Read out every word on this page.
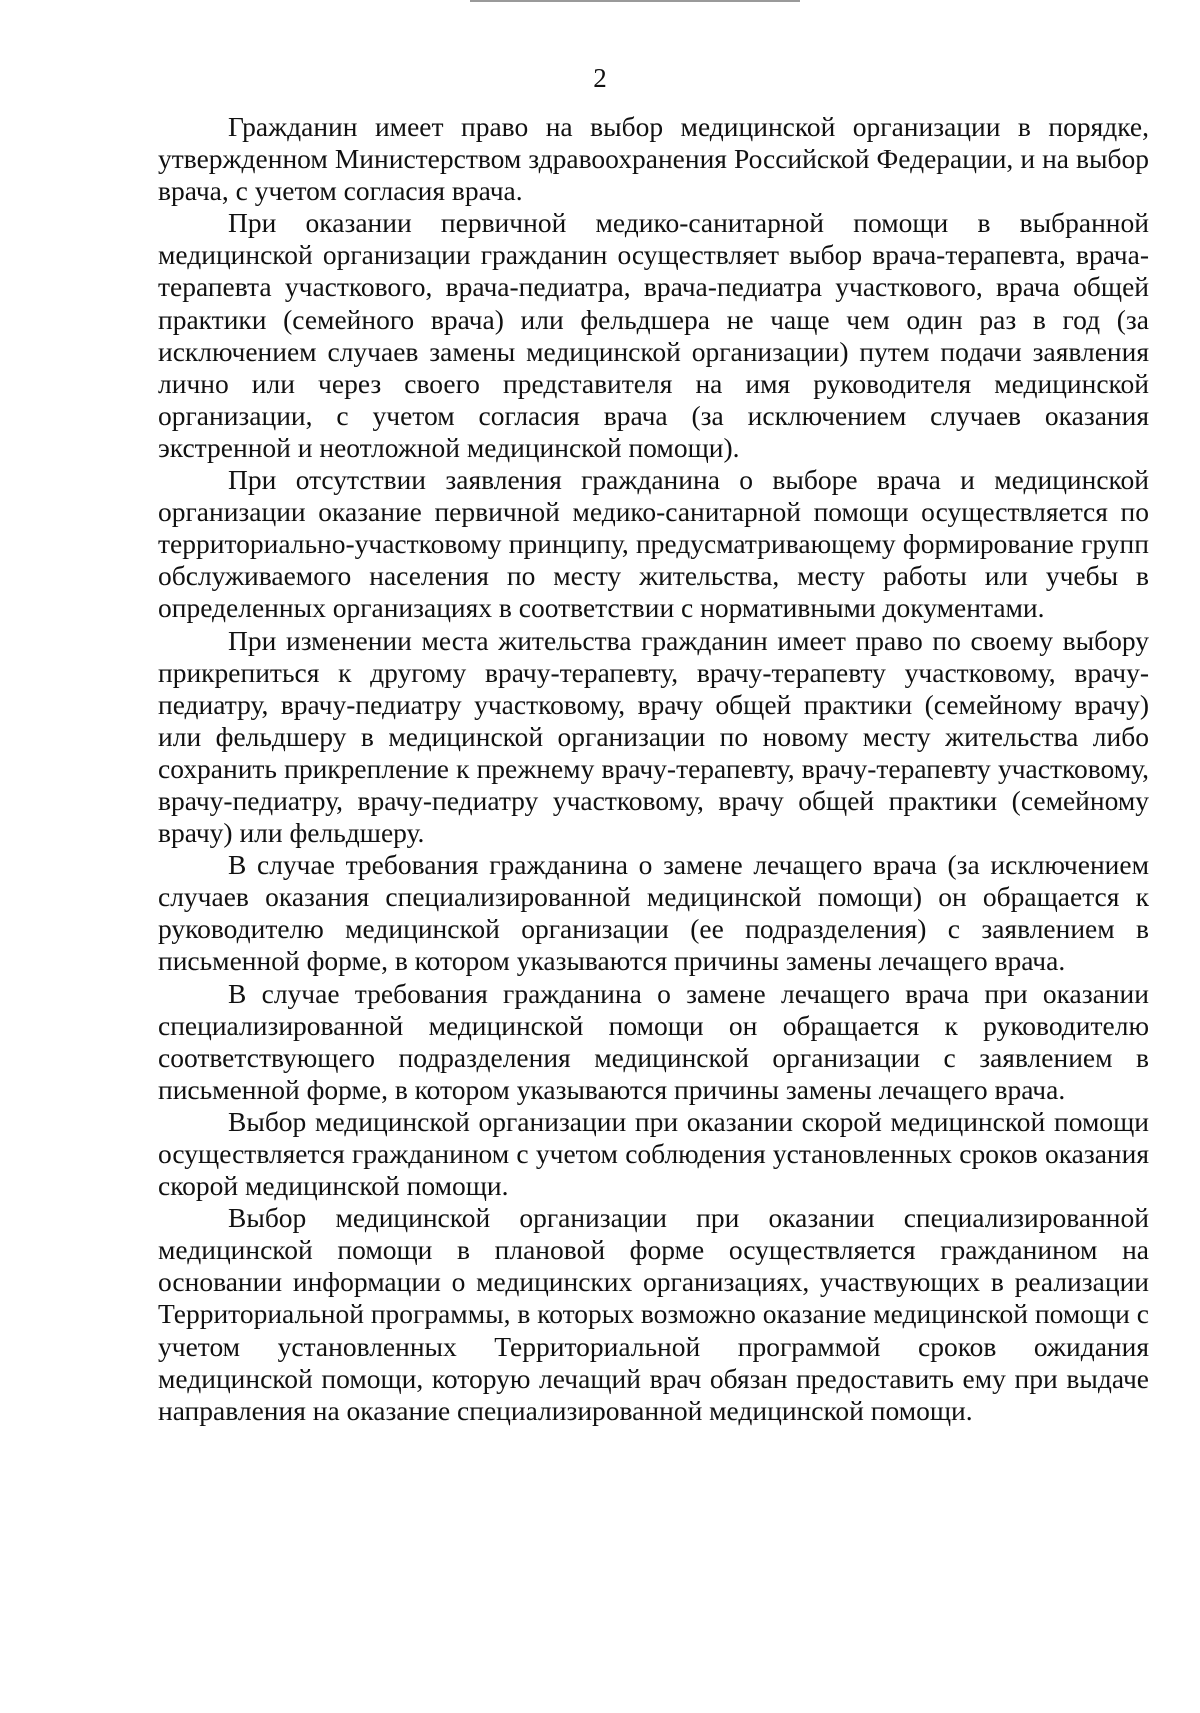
2

Гражданин имеет право на выбор медицинской организации в порядке, утвержденном Министерством здравоохранения Российской Федерации, и на выбор врача, с учетом согласия врача.

При оказании первичной медико-санитарной помощи в выбранной медицинской организации гражданин осуществляет выбор врача-терапевта, врача-терапевта участкового, врача-педиатра, врача-педиатра участкового, врача общей практики (семейного врача) или фельдшера не чаще чем один раз в год (за исключением случаев замены медицинской организации) путем подачи заявления лично или через своего представителя на имя руководителя медицинской организации, с учетом согласия врача (за исключением случаев оказания экстренной и неотложной медицинской помощи).

При отсутствии заявления гражданина о выборе врача и медицинской организации оказание первичной медико-санитарной помощи осуществляется по территориально-участковому принципу, предусматривающему формирование групп обслуживаемого населения по месту жительства, месту работы или учебы в определенных организациях в соответствии с нормативными документами.

При изменении места жительства гражданин имеет право по своему выбору прикрепиться к другому врачу-терапевту, врачу-терапевту участковому, врачу-педиатру, врачу-педиатру участковому, врачу общей практики (семейному врачу) или фельдшеру в медицинской организации по новому месту жительства либо сохранить прикрепление к прежнему врачу-терапевту, врачу-терапевту участковому, врачу-педиатру, врачу-педиатру участковому, врачу общей практики (семейному врачу) или фельдшеру.

В случае требования гражданина о замене лечащего врача (за исключением случаев оказания специализированной медицинской помощи) он обращается к руководителю медицинской организации (ее подразделения) с заявлением в письменной форме, в котором указываются причины замены лечащего врача.

В случае требования гражданина о замене лечащего врача при оказании специализированной медицинской помощи он обращается к руководителю соответствующего подразделения медицинской организации с заявлением в письменной форме, в котором указываются причины замены лечащего врача.

Выбор медицинской организации при оказании скорой медицинской помощи осуществляется гражданином с учетом соблюдения установленных сроков оказания скорой медицинской помощи.

Выбор медицинской организации при оказании специализированной медицинской помощи в плановой форме осуществляется гражданином на основании информации о медицинских организациях, участвующих в реализации Территориальной программы, в которых возможно оказание медицинской помощи с учетом установленных Территориальной программой сроков ожидания медицинской помощи, которую лечащий врач обязан предоставить ему при выдаче направления на оказание специализированной медицинской помощи.
